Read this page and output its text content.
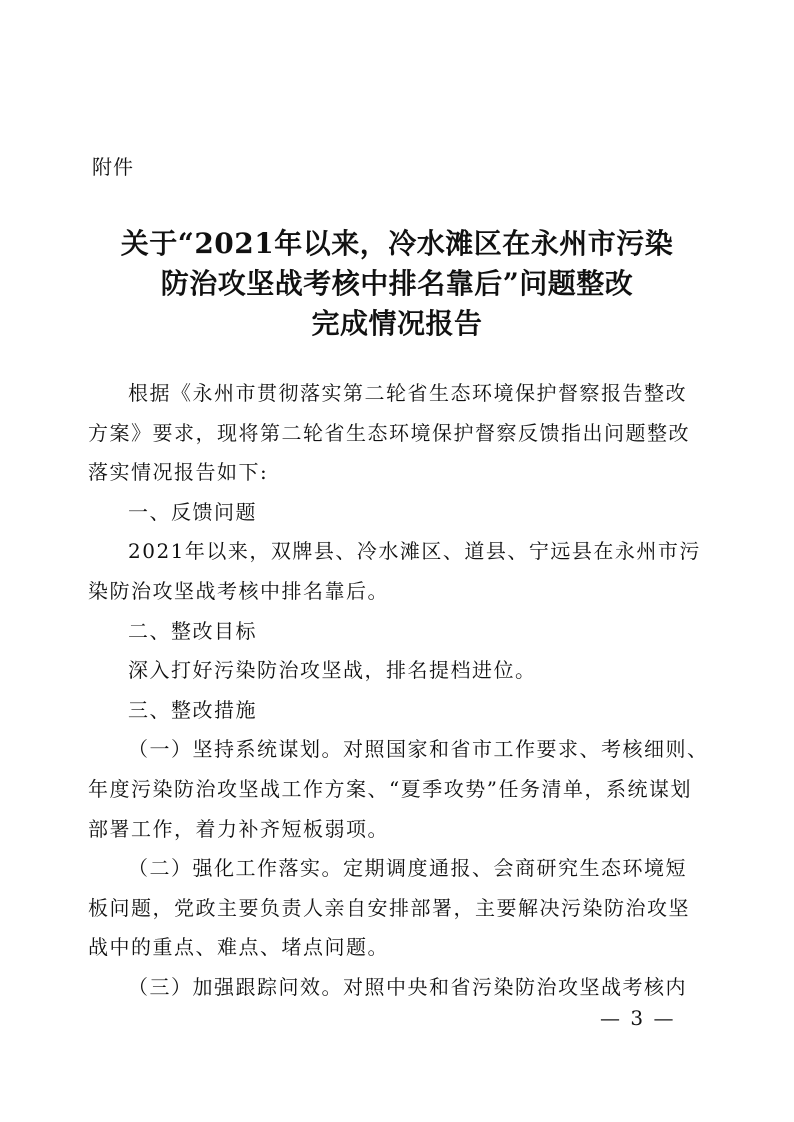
附件
关于“2021年以来，冷水滩区在永州市污染
防治攻坚战考核中排名靠后”问题整改
完成情况报告

根据《永州市贯彻落实第二轮省生态环境保护督察报告整改
方案》要求，现将第二轮省生态环境保护督察反馈指出问题整改
落实情况报告如下:

一、反馈问题

2021年以来，双牌县、冷水滩区、道县、宁远县在永州市污
染防治攻坚战考核中排名靠后。

二、整改目标

深入打好污染防治攻坚战，排名提档进位。

三、整改措施

（一）坚持系统谋划。对照国家和省市工作要求、考核细则、
年度污染防治攻坚战工作方案、“夏季攻势”任务清单，系统谋划
部署工作，着力补齐短板弱项。

（二）强化工作落实。定期调度通报、会商研究生态环境短
板问题，党政主要负责人亲自安排部署，主要解决污染防治攻坚
战中的重点、难点、堵点问题。

（三）加强跟踪问效。对照中央和省污染防治攻坚战考核内

— 3 —
